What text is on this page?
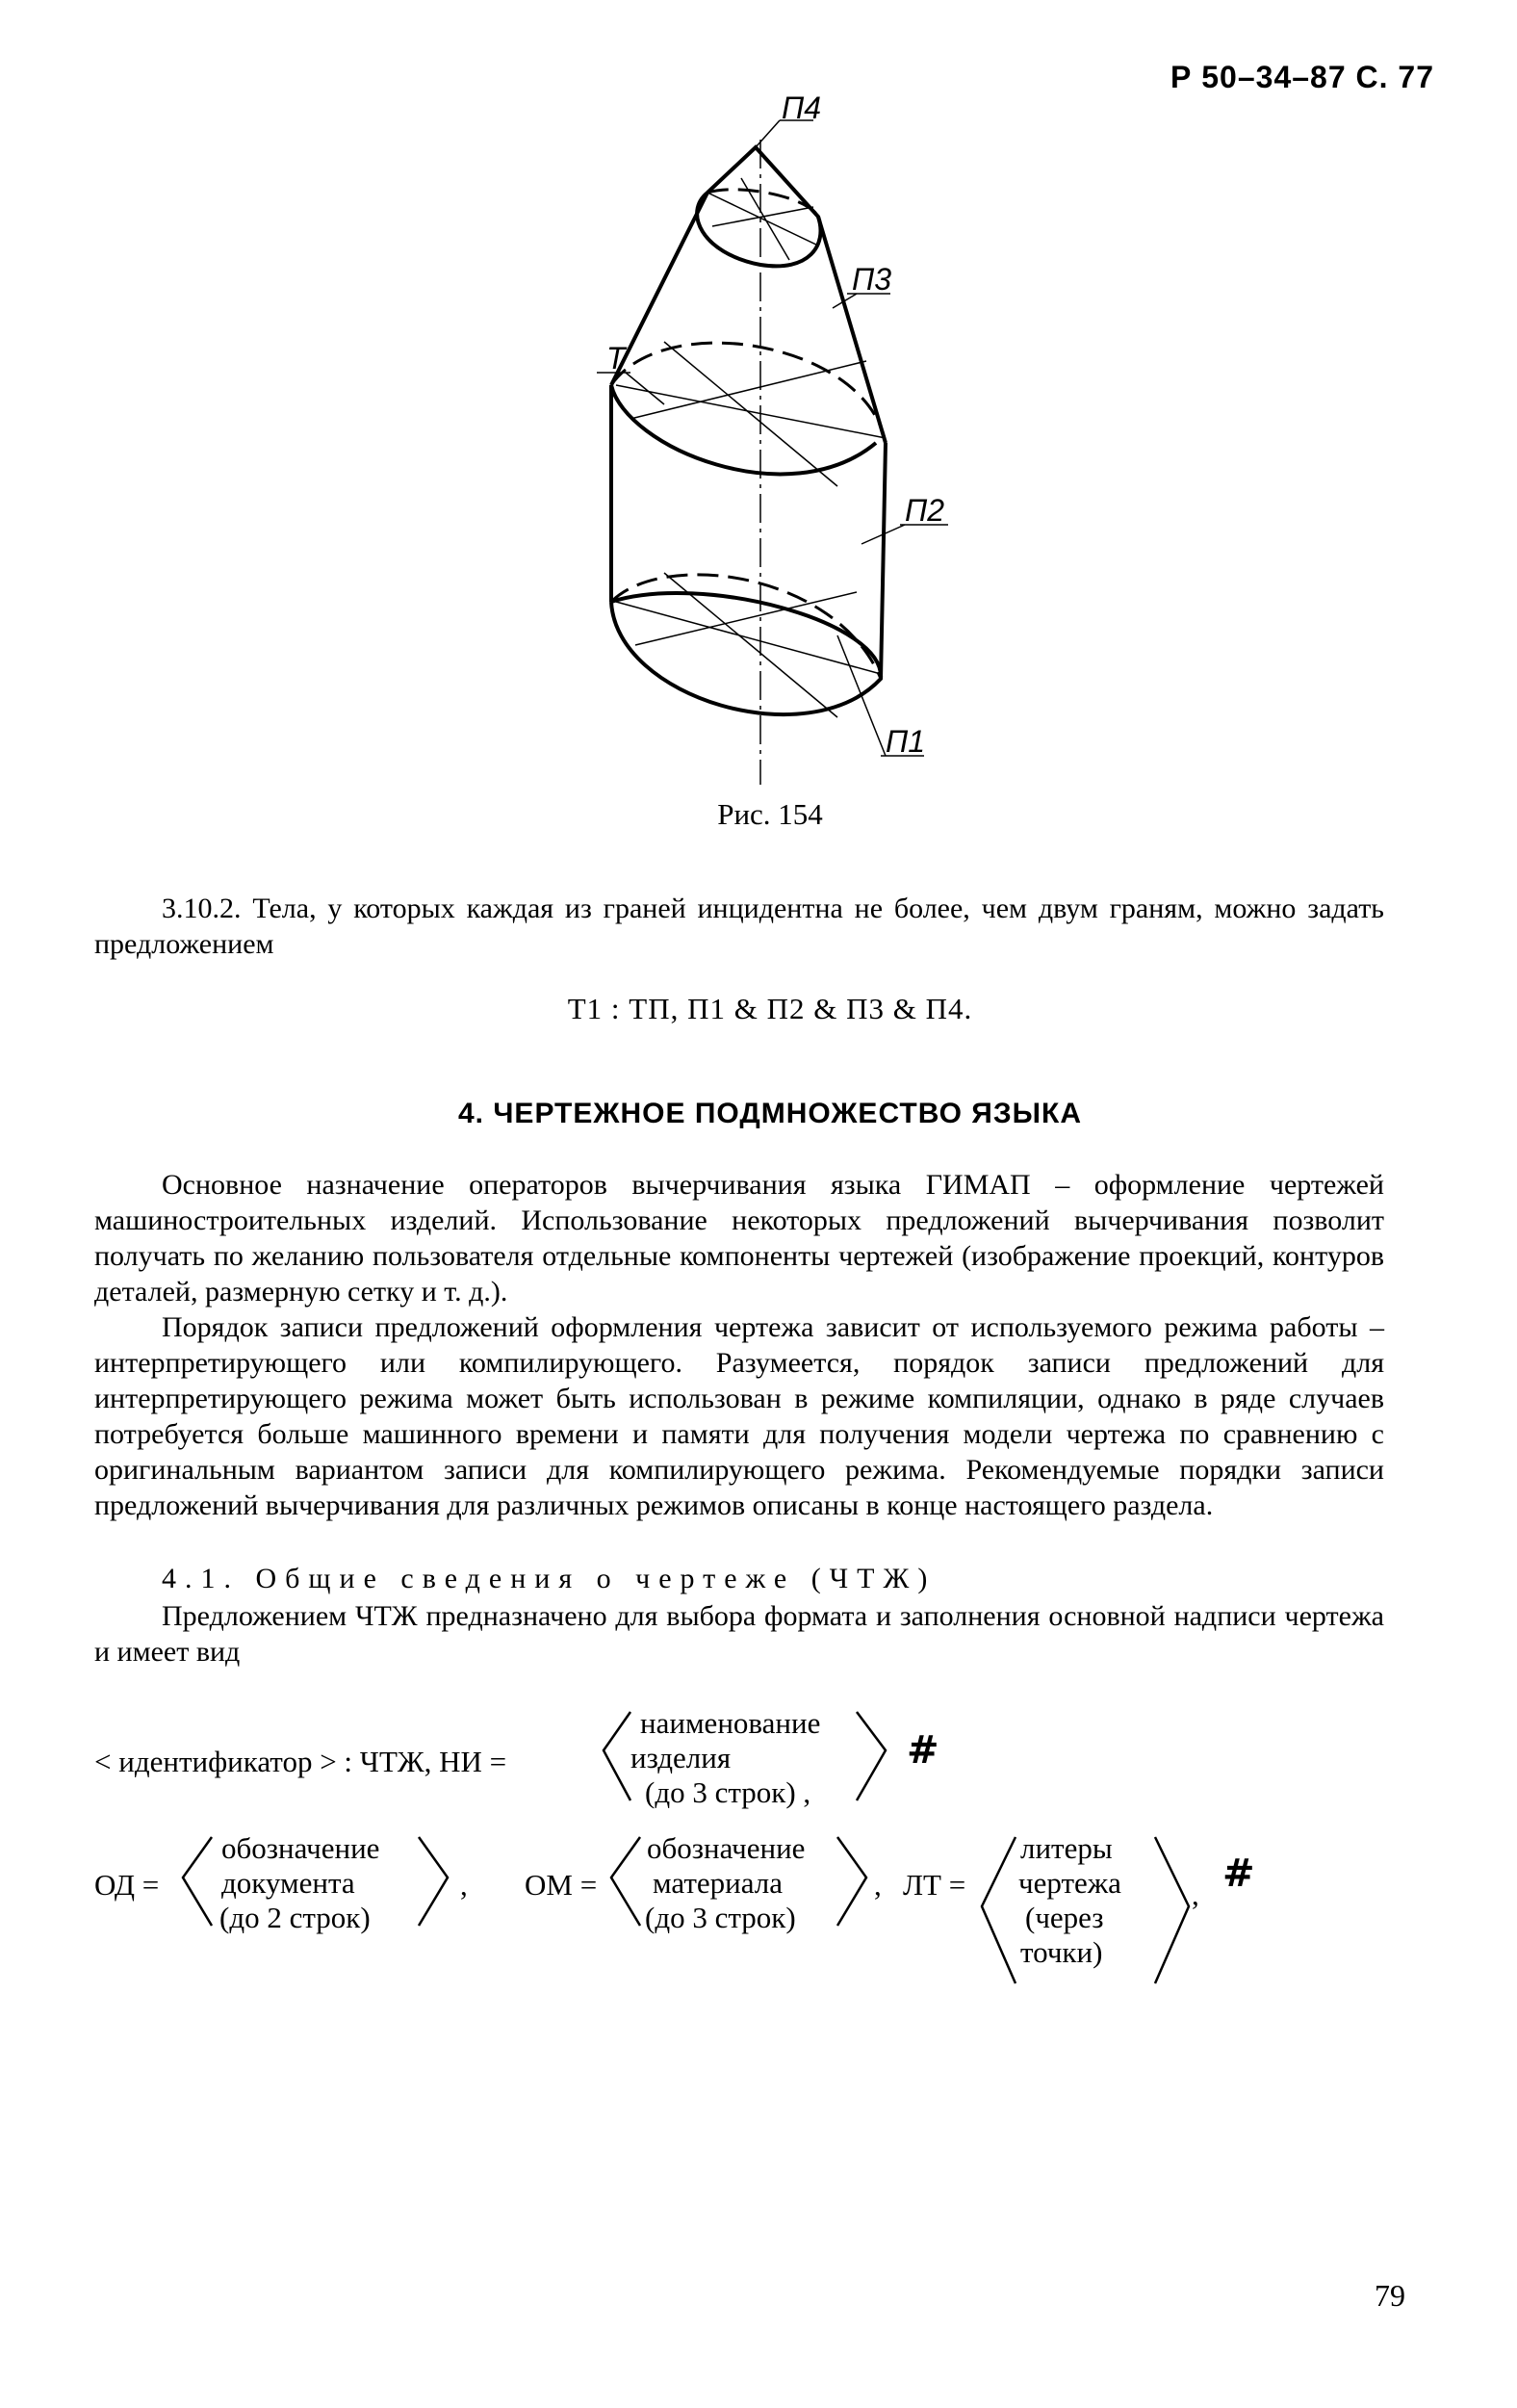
Р 50–34–87 С. 77
П4
П3
Т
П2
П1
Рис. 154
3.10.2. Тела, у которых каждая из граней инцидентна не более, чем двум граням, можно задать предложением
Т1 : ТП, П1 & П2 & П3 & П4.
4. ЧЕРТЕЖНОЕ ПОДМНОЖЕСТВО ЯЗЫКА
Основное назначение операторов вычерчивания языка ГИМАП – оформление чертежей машиностроительных изделий. Использование некоторых предложений вычерчивания позволит получать по желанию пользователя отдельные компоненты чертежей (изображение проекций, контуров деталей, размерную сетку и т. д.).
Порядок записи предложений оформления чертежа зависит от используемого режима работы – интерпретирующего или компилирующего. Разумеется, порядок записи предложений для интерпретирующего режима может быть использован в режиме компиляции, однако в ряде случаев потребуется больше машинного времени и памяти для получения модели чертежа по сравнению с оригинальным вариантом записи для компилирующего режима. Рекомендуемые порядки записи предложений вычерчивания для различных режимов описаны в конце настоящего раздела.
4.1. Общие сведения о чертеже (ЧТЖ)
Предложением ЧТЖ предназначено для выбора формата и заполнения основной надписи чертежа и имеет вид
< идентификатор > : ЧТЖ, НИ =
наименование
изделия
(до 3 строк) ,
#
ОД =
обозначение
документа
(до 2 строк)
, ОМ =
обозначение
материала
(до 3 строк)
, ЛТ =
литеры
чертежа
(через
точки)
, #
79
